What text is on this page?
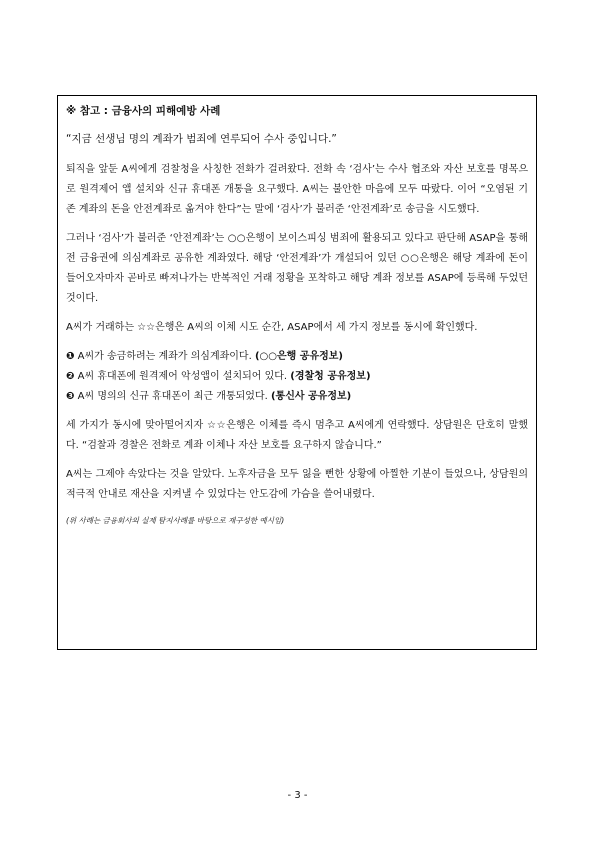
※ 참고 : 금융사의 피해예방 사례
“지금 선생님 명의 계좌가 범죄에 연루되어 수사 중입니다.”

퇴직을 앞둔 A씨에게 검찰청을 사칭한 전화가 걸려왔다. 전화 속 ‘검사’는 수사 협조와 자산 보호를 명목으로 원격제어 앱 설치와 신규 휴대폰 개통을 요구했다. A씨는 불안한 마음에 모두 따랐다. 이어 “오염된 기존 계좌의 돈을 안전계좌로 옮겨야 한다”는 말에 ‘검사’가 불러준 ‘안전계좌’로 송금을 시도했다.

그러나 ‘검사’가 불러준 ‘안전계좌’는 ○○은행이 보이스피싱 범죄에 활용되고 있다고 판단해 ASAP을 통해 전 금융권에 의심계좌로 공유한 계좌였다. 해당 ‘안전계좌’가 개설되어 있던 ○○은행은 해당 계좌에 돈이 들어오자마자 곧바로 빠져나가는 반복적인 거래 정황을 포착하고 해당 계좌 정보를 ASAP에 등록해 두었던 것이다.

A씨가 거래하는 ☆☆은행은 A씨의 이체 시도 순간, ASAP에서 세 가지 정보를 동시에 확인했다.

❶ A씨가 송금하려는 계좌가 의심계좌이다. (○○은행 공유정보)
❷ A씨 휴대폰에 원격제어 악성앱이 설치되어 있다. (경찰청 공유정보)
❸ A씨 명의의 신규 휴대폰이 최근 개통되었다. (통신사 공유정보)

세 가지가 동시에 맞아떨어지자 ☆☆은행은 이체를 즉시 멈추고 A씨에게 연락했다. 상담원은 단호히 말했다. “검찰과 경찰은 전화로 계좌 이체나 자산 보호를 요구하지 않습니다.”

A씨는 그제야 속았다는 것을 알았다. 노후자금을 모두 잃을 뻔한 상황에 아찔한 기분이 들었으나, 상담원의 적극적 안내로 재산을 지켜낼 수 있었다는 안도감에 가슴을 쓸어내렸다.

(위 사례는 금융회사의 실제 탐지사례를 바탕으로 재구성한 예시임)

- 3 -
